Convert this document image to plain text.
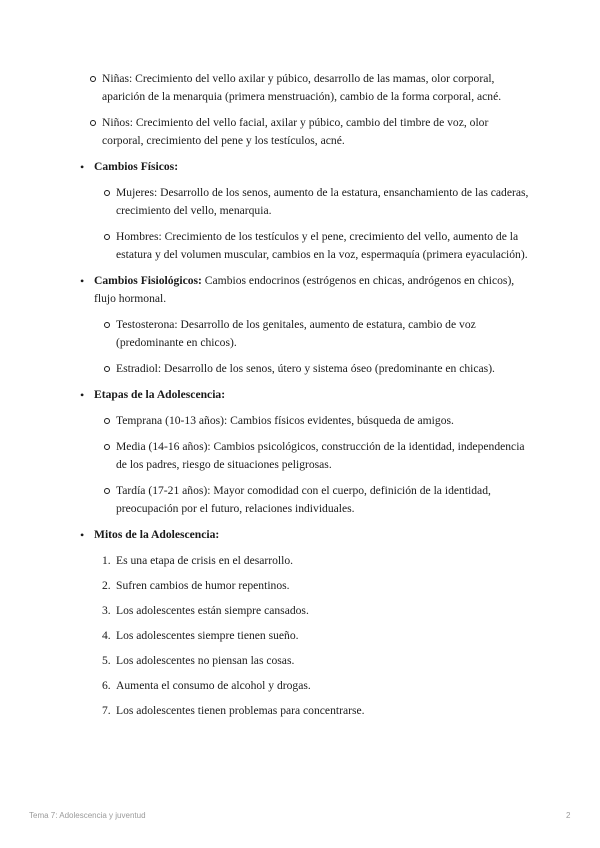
Niñas: Crecimiento del vello axilar y púbico, desarrollo de las mamas, olor corporal, aparición de la menarquia (primera menstruación), cambio de la forma corporal, acné.
Niños: Crecimiento del vello facial, axilar y púbico, cambio del timbre de voz, olor corporal, crecimiento del pene y los testículos, acné.
• Cambios Físicos:
Mujeres: Desarrollo de los senos, aumento de la estatura, ensanchamiento de las caderas, crecimiento del vello, menarquia.
Hombres: Crecimiento de los testículos y el pene, crecimiento del vello, aumento de la estatura y del volumen muscular, cambios en la voz, espermaquía (primera eyaculación).
• Cambios Fisiológicos: Cambios endocrinos (estrógenos en chicas, andrógenos en chicos), flujo hormonal.
Testosterona: Desarrollo de los genitales, aumento de estatura, cambio de voz (predominante en chicos).
Estradiol: Desarrollo de los senos, útero y sistema óseo (predominante en chicas).
• Etapas de la Adolescencia:
Temprana (10-13 años): Cambios físicos evidentes, búsqueda de amigos.
Media (14-16 años): Cambios psicológicos, construcción de la identidad, independencia de los padres, riesgo de situaciones peligrosas.
Tardía (17-21 años): Mayor comodidad con el cuerpo, definición de la identidad, preocupación por el futuro, relaciones individuales.
• Mitos de la Adolescencia:
1. Es una etapa de crisis en el desarrollo.
2. Sufren cambios de humor repentinos.
3. Los adolescentes están siempre cansados.
4. Los adolescentes siempre tienen sueño.
5. Los adolescentes no piensan las cosas.
6. Aumenta el consumo de alcohol y drogas.
7. Los adolescentes tienen problemas para concentrarse.
Tema 7: Adolescencia y juventud	2
